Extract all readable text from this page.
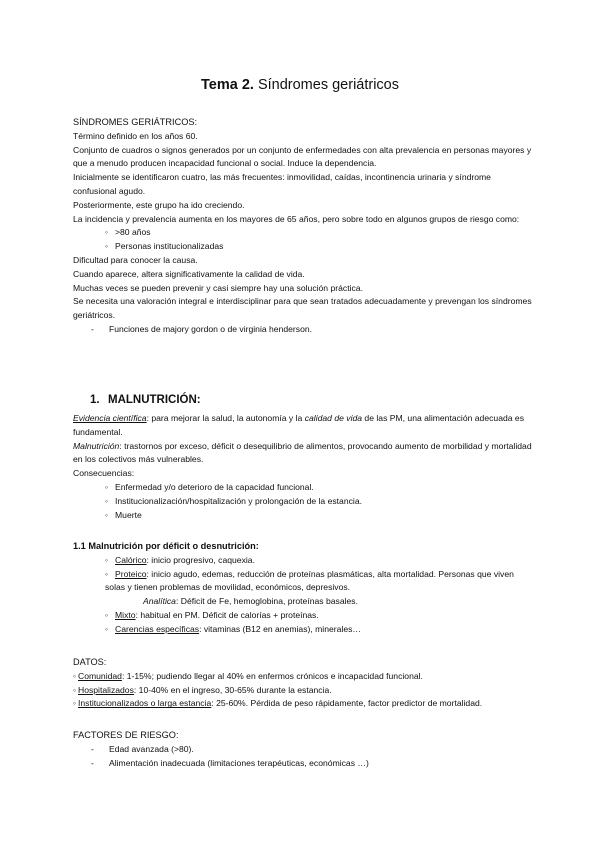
Tema 2. Síndromes geriátricos
SÍNDROMES GERIÁTRICOS:
Término definido en los años 60.
Conjunto de cuadros o signos generados por un conjunto de enfermedades con alta prevalencia en personas mayores y que a menudo producen incapacidad funcional o social. Induce la dependencia.
Inicialmente se identificaron cuatro, las más frecuentes: inmovilidad, caídas, incontinencia urinaria y síndrome confusional agudo.
Posteriormente, este grupo ha ido creciendo.
La incidencia y prevalencia aumenta en los mayores de 65 años, pero sobre todo en algunos grupos de riesgo como:
◦ >80 años
◦ Personas institucionalizadas
Dificultad para conocer la causa.
Cuando aparece, altera significativamente la calidad de vida.
Muchas veces se pueden prevenir y casi siempre hay una solución práctica.
Se necesita una valoración integral e interdisciplinar para que sean tratados adecuadamente y prevengan los síndromes geriátricos.
- Funciones de majory gordon o de virginia henderson.
1. MALNUTRICIÓN:
Evidencia científica: para mejorar la salud, la autonomía y la calidad de vida de las PM, una alimentación adecuada es fundamental.
Malnutrición: trastornos por exceso, déficit o desequilibrio de alimentos, provocando aumento de morbilidad y mortalidad en los colectivos más vulnerables.
Consecuencias:
◦ Enfermedad y/o deterioro de la capacidad funcional.
◦ Institucionalización/hospitalización y prolongación de la estancia.
◦ Muerte
1.1 Malnutrición por déficit o desnutrición:
◦ Calórico: inicio progresivo, caquexia.
◦ Proteico: inicio agudo, edemas, reducción de proteínas plasmáticas, alta mortalidad. Personas que viven solas y tienen problemas de movilidad, económicos, depresivos.
Analítica: Déficit de Fe, hemoglobina, proteínas basales.
◦ Mixto: habitual en PM. Déficit de calorías + proteínas.
◦ Carencias específicas: vitaminas (B12 en anemias), minerales…
DATOS:
◦ Comunidad: 1-15%; pudiendo llegar al 40% en enfermos crónicos e incapacidad funcional.
◦ Hospitalizados: 10-40% en el ingreso, 30-65% durante la estancia.
◦ Institucionalizados o larga estancia: 25-60%. Pérdida de peso rápidamente, factor predictor de mortalidad.
FACTORES DE RIESGO:
- Edad avanzada (>80).
- Alimentación inadecuada (limitaciones terapéuticas, económicas …)
